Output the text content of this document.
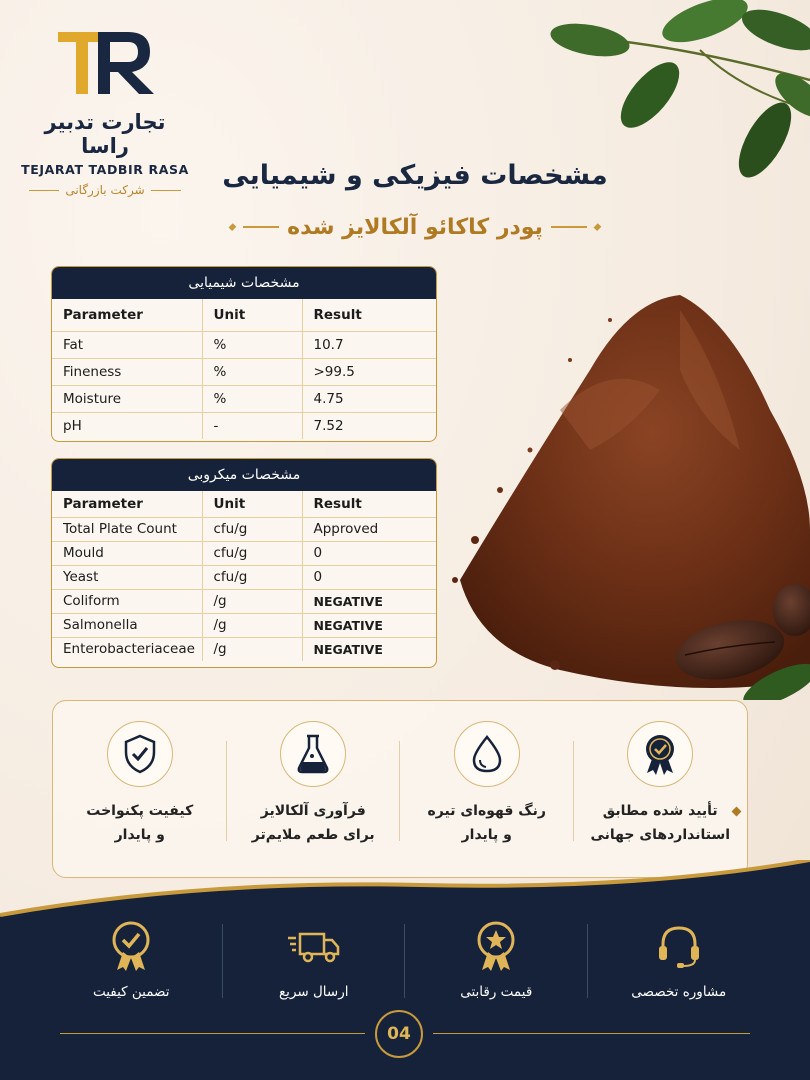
تجارت تدبیر راسا
TEJARAT TADBIR RASA
شرکت بازرگانی	مشخصات فیزیکی و شیمیایی
پودر کاکائو آلکالایز شده
مشخصات شیمیایی
Parameter	Unit	Result
Fat	%	10.7
Fineness	%	>99.5
Moisture	%	4.75
pH	-	7.52
مشخصات میکروبی
Parameter	Unit	Result
Total Plate Count	cfu/g	Approved
Mould	cfu/g	0
Yeast	cfu/g	0
Coliform	/g	NEGATIVE
Salmonella	/g	NEGATIVE
Enterobacteriaceae	/g	NEGATIVE
تأیید شده مطابق
استانداردهای جهانی
رنگ قهوه‌ای تیره
و پایدار
فرآوری آلکالایز
برای طعم ملایم‌تر
کیفیت پکنواخت
و پایدار
مشاوره تخصصی
قیمت رقابتی
ارسال سریع
تضمین کیفیت
04
